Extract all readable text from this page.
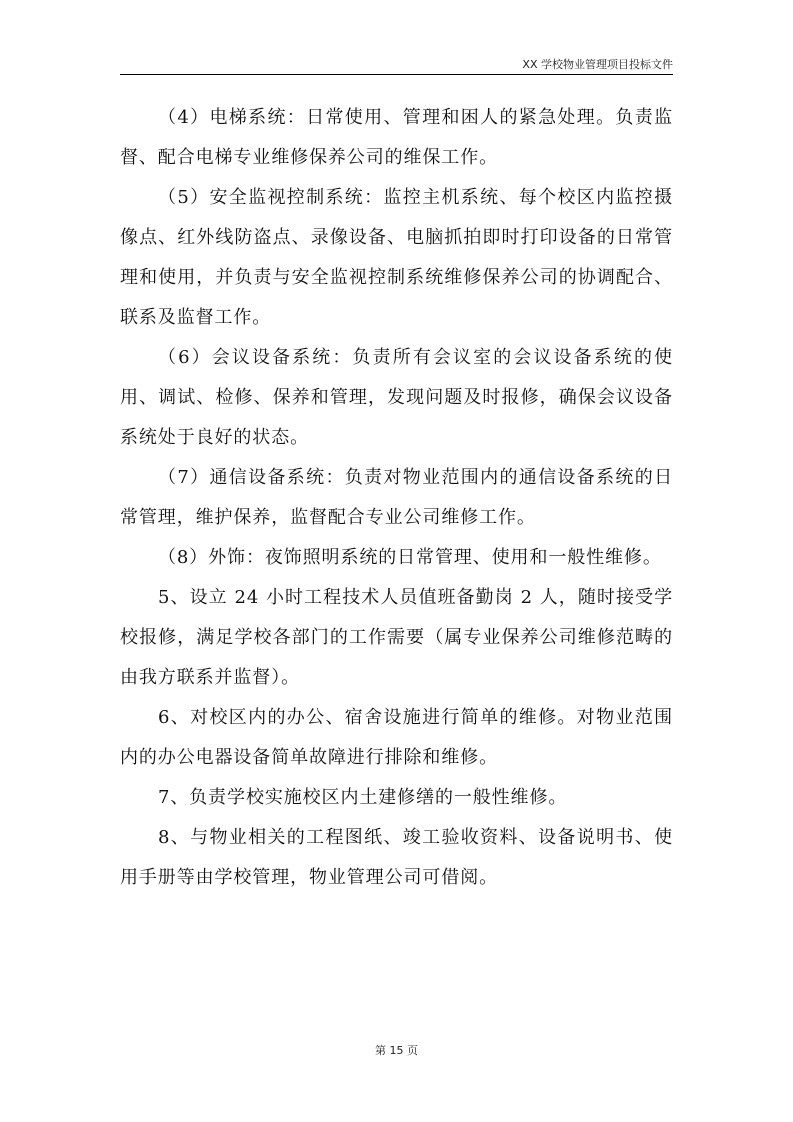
XX 学校物业管理项目投标文件

（4）电梯系统：日常使用、管理和困人的紧急处理。负责监督、配合电梯专业维修保养公司的维保工作。

（5）安全监视控制系统：监控主机系统、每个校区内监控摄像点、红外线防盗点、录像设备、电脑抓拍即时打印设备的日常管理和使用，并负责与安全监视控制系统维修保养公司的协调配合、联系及监督工作。

（6）会议设备系统：负责所有会议室的会议设备系统的使用、调试、检修、保养和管理，发现问题及时报修，确保会议设备系统处于良好的状态。

（7）通信设备系统：负责对物业范围内的通信设备系统的日常管理，维护保养，监督配合专业公司维修工作。

（8）外饰：夜饰照明系统的日常管理、使用和一般性维修。

5、设立 24 小时工程技术人员值班备勤岗 2 人，随时接受学校报修，满足学校各部门的工作需要（属专业保养公司维修范畴的由我方联系并监督）。

6、对校区内的办公、宿舍设施进行简单的维修。对物业范围内的办公电器设备简单故障进行排除和维修。

7、负责学校实施校区内土建修缮的一般性维修。

8、与物业相关的工程图纸、竣工验收资料、设备说明书、使用手册等由学校管理，物业管理公司可借阅。

第 15 页
